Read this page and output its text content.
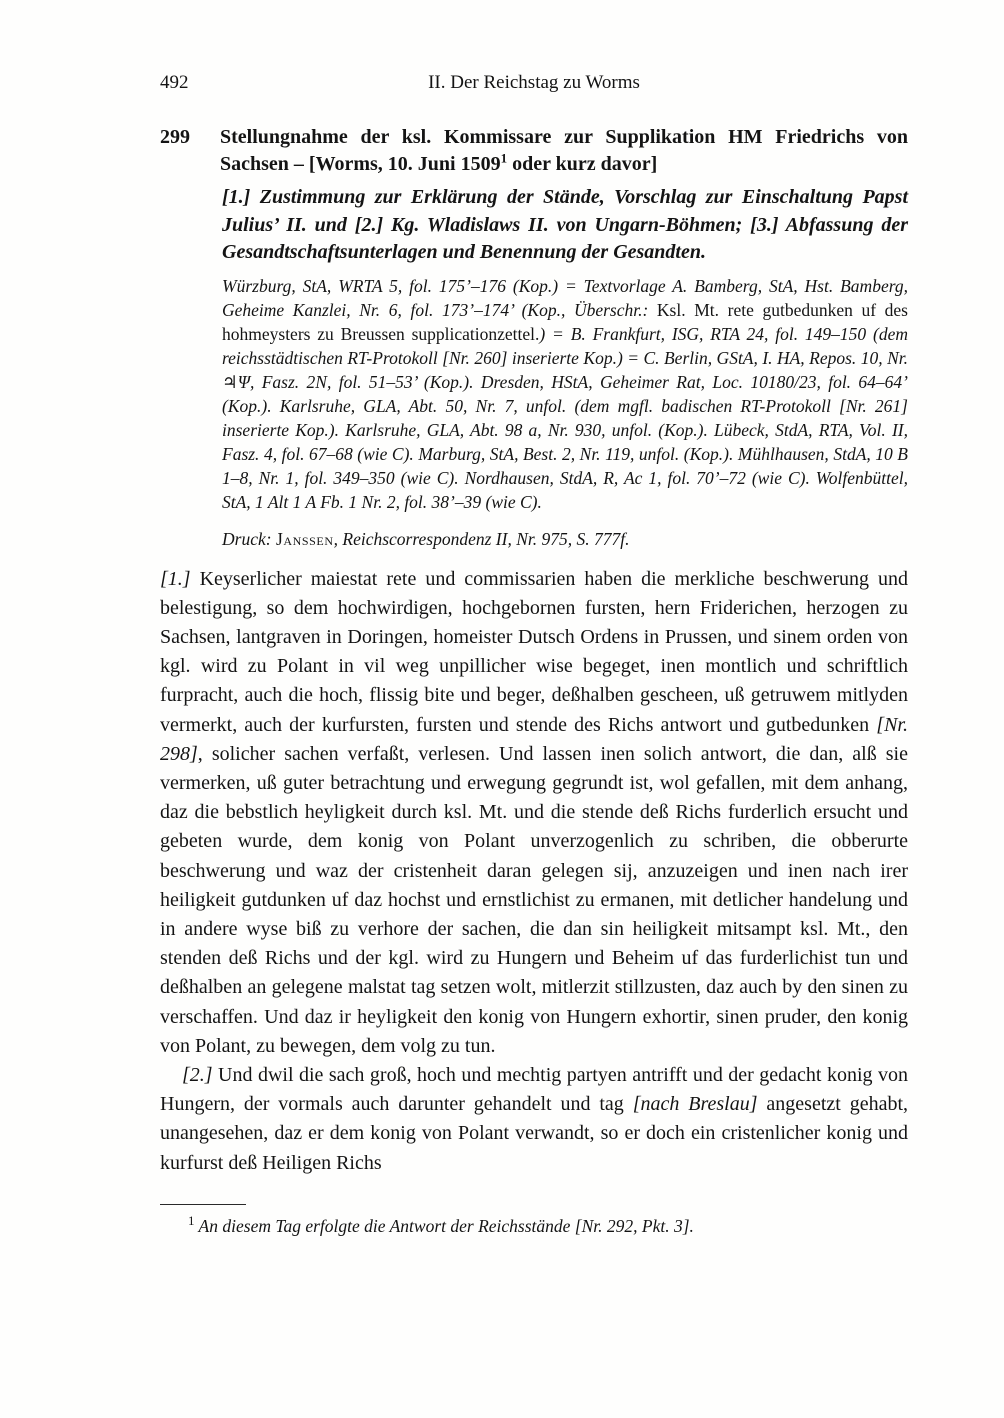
492	II. Der Reichstag zu Worms
299	Stellungnahme der ksl. Kommissare zur Supplikation HM Friedrichs von Sachsen – [Worms, 10. Juni 1509$^1$ oder kurz davor]

[1.] Zustimmung zur Erklärung der Stände, Vorschlag zur Einschaltung Papst Julius’ II. und [2.] Kg. Wladislaws II. von Ungarn-Böhmen; [3.] Abfassung der Gesandtschaftsunterlagen und Benennung der Gesandten.

Würzburg, StA, WRTA 5, fol. 175’–176 (Kop.) = Textvorlage A. Bamberg, StA, Hst. Bamberg, Geheime Kanzlei, Nr. 6, fol. 173’–174’ (Kop., Überschr.: Ksl. Mt. rete gutbedunken uf des hohmeysters zu Breussen supplicationzettel.) = B. Frankfurt, ISG, RTA 24, fol. 149–150 (dem reichsstädtischen RT-Protokoll [Nr. 260] inserierte Kop.) = C. Berlin, GStA, I. HA, Repos. 10, Nr. ♃Ψ, Fasz. 2N, fol. 51–53’ (Kop.). Dresden, HStA, Geheimer Rat, Loc. 10180/23, fol. 64–64’ (Kop.). Karlsruhe, GLA, Abt. 50, Nr. 7, unfol. (dem mgfl. badischen RT-Protokoll [Nr. 261] inserierte Kop.). Karlsruhe, GLA, Abt. 98 a, Nr. 930, unfol. (Kop.). Lübeck, StdA, RTA, Vol. II, Fasz. 4, fol. 67–68 (wie C). Marburg, StA, Best. 2, Nr. 119, unfol. (Kop.). Mühlhausen, StdA, 10 B 1–8, Nr. 1, fol. 349–350 (wie C). Nordhausen, StdA, R, Ac 1, fol. 70’–72 (wie C). Wolfenbüttel, StA, 1 Alt 1 A Fb. 1 Nr. 2, fol. 38’–39 (wie C).

Druck: Janssen, Reichscorrespondenz II, Nr. 975, S. 777f.

[1.] Keyserlicher maiestat rete und commissarien haben die merkliche beschwerung und belestigung, so dem hochwirdigen, hochgebornen fursten, hern Friderichen, herzogen zu Sachsen, lantgraven in Doringen, homeister Dutsch Ordens in Prussen, und sinem orden von kgl. wird zu Polant in vil weg unpillicher wise begeget, inen montlich und schriftlich furpracht, auch die hoch, flissig bite und beger, deßhalben gescheen, uß getruwem mitlyden vermerkt, auch der kurfursten, fursten und stende des Richs antwort und gutbedunken [Nr. 298], solicher sachen verfaßt, verlesen. Und lassen inen solich antwort, die dan, alß sie vermerken, uß guter betrachtung und erwegung gegrundt ist, wol gefallen, mit dem anhang, daz die bebstlich heyligkeit durch ksl. Mt. und die stende deß Richs furderlich ersucht und gebeten wurde, dem konig von Polant unverzogenlich zu schriben, die obberurte beschwerung und waz der cristenheit daran gelegen sij, anzuzeigen und inen nach irer heiligkeit gutdunken uf daz hochst und ernstlichist zu ermanen, mit detlicher handelung und in andere wyse biß zu verhore der sachen, die dan sin heiligkeit mitsampt ksl. Mt., den stenden deß Richs und der kgl. wird zu Hungern und Beheim uf das furderlichist tun und deßhalben an gelegene malstat tag setzen wolt, mitlerzit stillzusten, daz auch by den sinen zu verschaffen. Und daz ir heyligkeit den konig von Hungern exhortir, sinen pruder, den konig von Polant, zu bewegen, dem volg zu tun.

[2.] Und dwil die sach groß, hoch und mechtig partyen antrifft und der gedacht konig von Hungern, der vormals auch darunter gehandelt und tag [nach Breslau] angesetzt gehabt, unangesehen, daz er dem konig von Polant verwandt, so er doch ein cristenlicher konig und kurfurst deß Heiligen Richs

$^1$ An diesem Tag erfolgte die Antwort der Reichsstände [Nr. 292, Pkt. 3].
